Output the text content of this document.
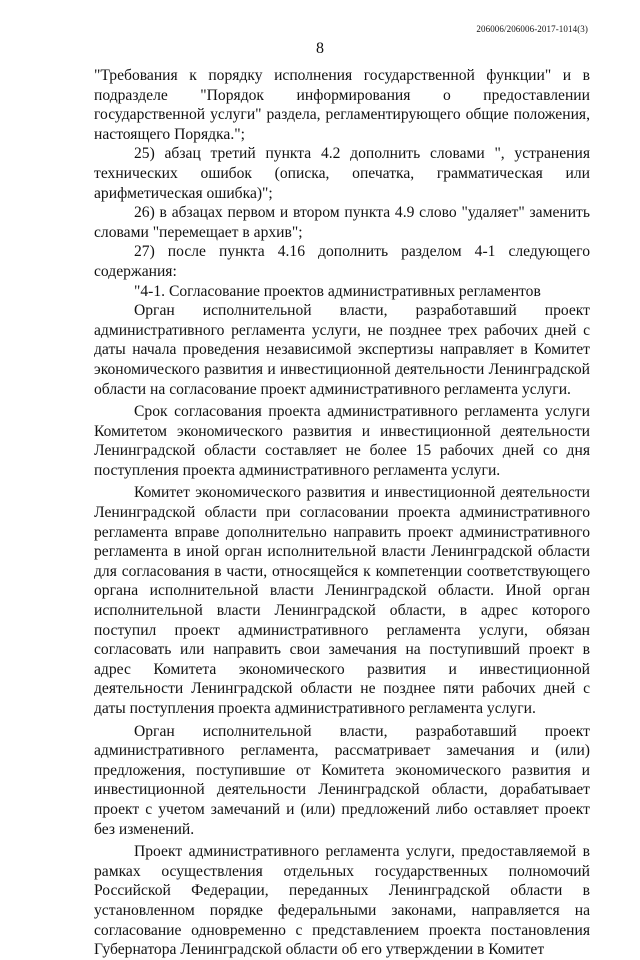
206006/206006-2017-1014(3)
8

"Требования к порядку исполнения государственной функции" и в подразделе "Порядок информирования о предоставлении государственной услуги" раздела, регламентирующего общие положения, настоящего Порядка.";

25) абзац третий пункта 4.2 дополнить словами ", устранения технических ошибок (описка, опечатка, грамматическая или арифметическая ошибка)";

26) в абзацах первом и втором пункта 4.9 слово "удаляет" заменить словами "перемещает в архив";

27) после пункта 4.16 дополнить разделом 4-1 следующего содержания:

"4-1. Согласование проектов административных регламентов

Орган исполнительной власти, разработавший проект административного регламента услуги, не позднее трех рабочих дней с даты начала проведения независимой экспертизы направляет в Комитет экономического развития и инвестиционной деятельности Ленинградской области на согласование проект административного регламента услуги.

Срок согласования проекта административного регламента услуги Комитетом экономического развития и инвестиционной деятельности Ленинградской области составляет не более 15 рабочих дней со дня поступления проекта административного регламента услуги.

Комитет экономического развития и инвестиционной деятельности Ленинградской области при согласовании проекта административного регламента вправе дополнительно направить проект административного регламента в иной орган исполнительной власти Ленинградской области для согласования в части, относящейся к компетенции соответствующего органа исполнительной власти Ленинградской области. Иной орган исполнительной власти Ленинградской области, в адрес которого поступил проект административного регламента услуги, обязан согласовать или направить свои замечания на поступивший проект в адрес Комитета экономического развития и инвестиционной деятельности Ленинградской области не позднее пяти рабочих дней с даты поступления проекта административного регламента услуги.

Орган исполнительной власти, разработавший проект административного регламента, рассматривает замечания и (или) предложения, поступившие от Комитета экономического развития и инвестиционной деятельности Ленинградской области, дорабатывает проект с учетом замечаний и (или) предложений либо оставляет проект без изменений.

Проект административного регламента услуги, предоставляемой в рамках осуществления отдельных государственных полномочий Российской Федерации, переданных Ленинградской области в установленном порядке федеральными законами, направляется на согласование одновременно с представлением проекта постановления Губернатора Ленинградской области об его утверждении в Комитет
